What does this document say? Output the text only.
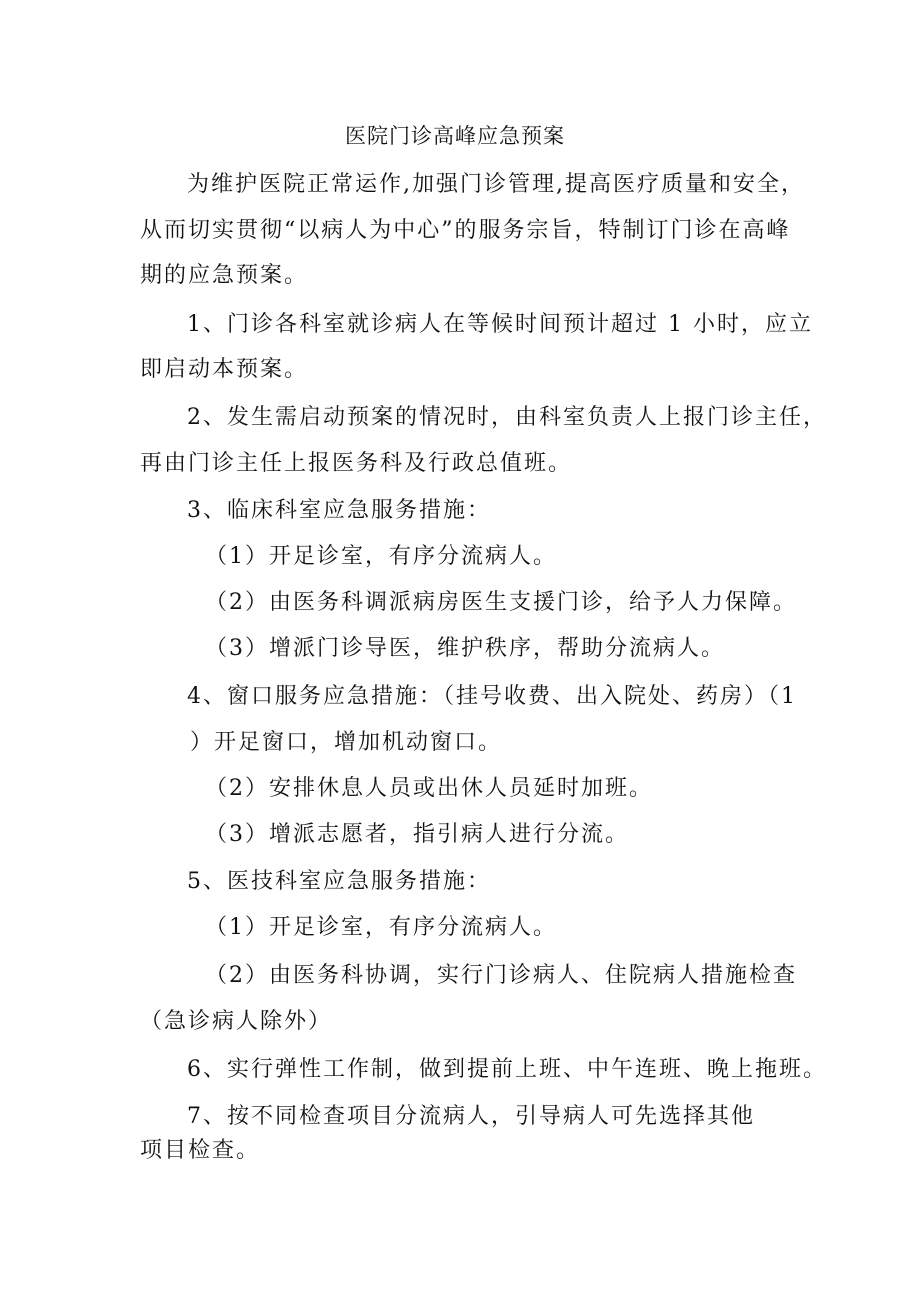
医院门诊高峰应急预案
为维护医院正常运作,加强门诊管理,提高医疗质量和安全，
从而切实贯彻“以病人为中心”的服务宗旨，特制订门诊在高峰
期的应急预案。
1、门诊各科室就诊病人在等候时间预计超过 1 小时，应立
即启动本预案。
2、发生需启动预案的情况时，由科室负责人上报门诊主任，
再由门诊主任上报医务科及行政总值班。
3、临床科室应急服务措施：
（1）开足诊室，有序分流病人。
（2）由医务科调派病房医生支援门诊，给予人力保障。
（3）增派门诊导医，维护秩序，帮助分流病人。
4、窗口服务应急措施：（挂号收费、出入院处、药房）（1
）开足窗口，增加机动窗口。
（2）安排休息人员或出休人员延时加班。
（3）增派志愿者，指引病人进行分流。
5、医技科室应急服务措施：
（1）开足诊室，有序分流病人。
（2）由医务科协调，实行门诊病人、住院病人措施检查
（急诊病人除外）
6、实行弹性工作制，做到提前上班、中午连班、晚上拖班。
7、按不同检查项目分流病人，引导病人可先选择其他
项目检查。
